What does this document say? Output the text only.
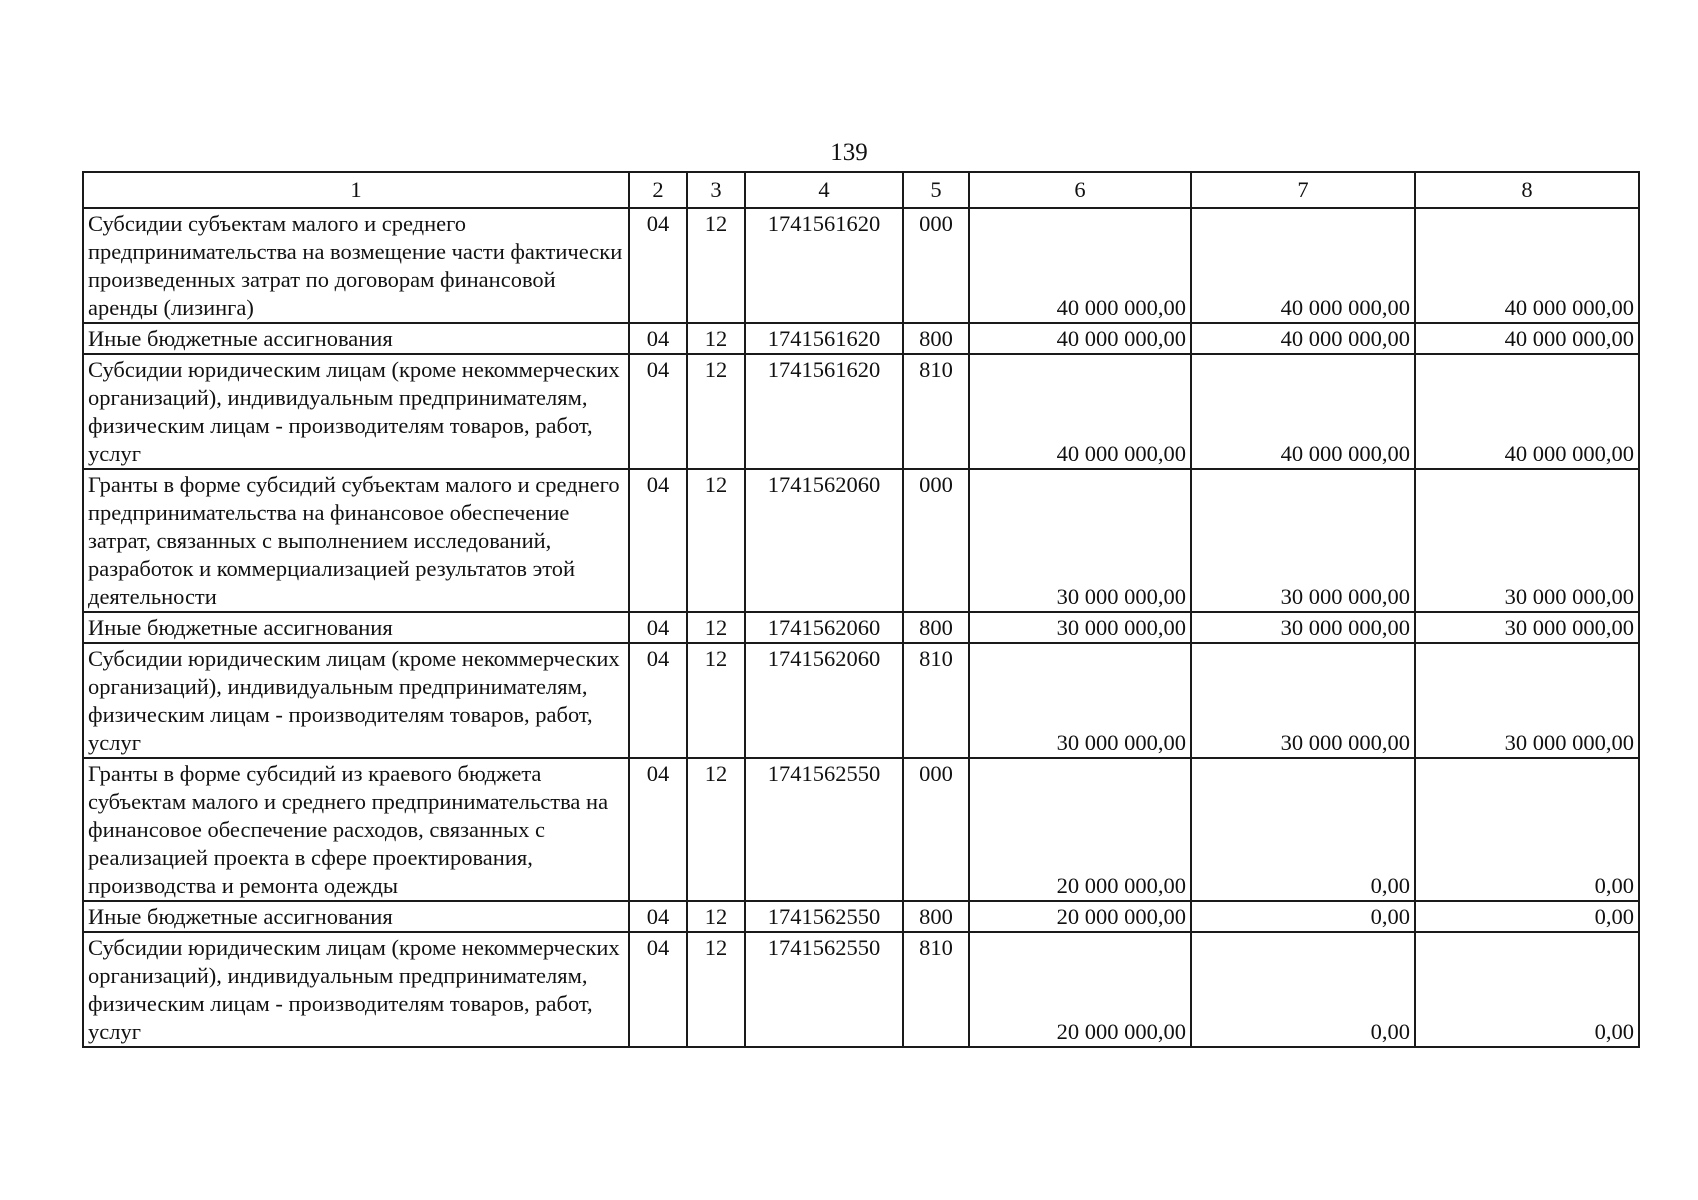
139
1	2	3	4	5	6	7	8
Субсидии субъектам малого и среднего предпринимательства на возмещение части фактически произведенных затрат по договорам финансовой аренды (лизинга)	04	12	1741561620	000	40 000 000,00	40 000 000,00	40 000 000,00
Иные бюджетные ассигнования	04	12	1741561620	800	40 000 000,00	40 000 000,00	40 000 000,00
Субсидии юридическим лицам (кроме некоммерческих организаций), индивидуальным предпринимателям, физическим лицам - производителям товаров, работ, услуг	04	12	1741561620	810	40 000 000,00	40 000 000,00	40 000 000,00
Гранты в форме субсидий субъектам малого и среднего предпринимательства на финансовое обеспечение затрат, связанных с выполнением исследований, разработок и коммерциализацией результатов этой деятельности	04	12	1741562060	000	30 000 000,00	30 000 000,00	30 000 000,00
Иные бюджетные ассигнования	04	12	1741562060	800	30 000 000,00	30 000 000,00	30 000 000,00
Субсидии юридическим лицам (кроме некоммерческих организаций), индивидуальным предпринимателям, физическим лицам - производителям товаров, работ, услуг	04	12	1741562060	810	30 000 000,00	30 000 000,00	30 000 000,00
Гранты в форме субсидий из краевого бюджета субъектам малого и среднего предпринимательства на финансовое обеспечение расходов, связанных с реализацией проекта в сфере проектирования, производства и ремонта одежды	04	12	1741562550	000	20 000 000,00	0,00	0,00
Иные бюджетные ассигнования	04	12	1741562550	800	20 000 000,00	0,00	0,00
Субсидии юридическим лицам (кроме некоммерческих организаций), индивидуальным предпринимателям, физическим лицам - производителям товаров, работ, услуг	04	12	1741562550	810	20 000 000,00	0,00	0,00
